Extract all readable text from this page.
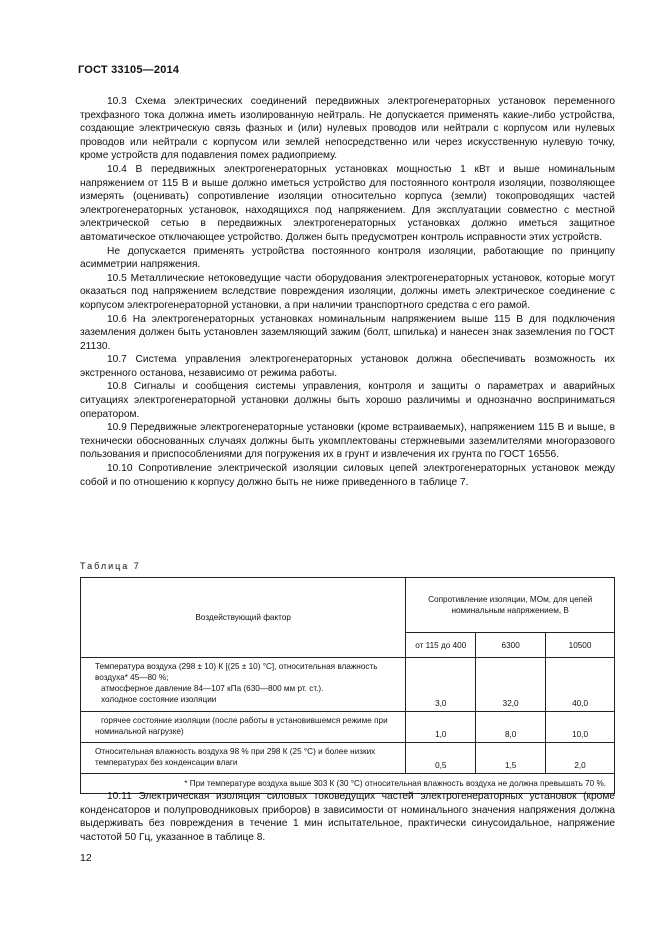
ГОСТ 33105—2014

10.3 Схема электрических соединений передвижных электрогенераторных установок переменного трехфазного тока должна иметь изолированную нейтраль. Не допускается применять какие-либо устройства, создающие электрическую связь фазных и (или) нулевых проводов или нейтрали с корпусом или нулевых проводов или нейтрали с корпусом или землей непосредственно или через искусственную нулевую точку, кроме устройств для подавления помех радиоприему.

10.4 В передвижных электрогенераторных установках мощностью 1 кВт и выше номинальным напряжением от 115 В и выше должно иметься устройство для постоянного контроля изоляции, позволяющее измерять (оценивать) сопротивление изоляции относительно корпуса (земли) токопроводящих частей электрогенераторных установок, находящихся под напряжением. Для эксплуатации совместно с местной электрической сетью в передвижных электрогенераторных установках должно иметься защитное автоматическое отключающее устройство. Должен быть предусмотрен контроль исправности этих устройств.

Не допускается применять устройства постоянного контроля изоляции, работающие по принципу асимметрии напряжения.

10.5 Металлические нетоковедущие части оборудования электрогенераторных установок, которые могут оказаться под напряжением вследствие повреждения изоляции, должны иметь электрическое соединение с корпусом электрогенераторной установки, а при наличии транспортного средства с его рамой.

10.6 На электрогенераторных установках номинальным напряжением выше 115 В для подключения заземления должен быть установлен заземляющий зажим (болт, шпилька) и нанесен знак заземления по ГОСТ 21130.

10.7 Система управления электрогенераторных установок должна обеспечивать возможность их экстренного останова, независимо от режима работы.

10.8 Сигналы и сообщения системы управления, контроля и защиты о параметрах и аварийных ситуациях электрогенераторной установки должны быть хорошо различимы и однозначно восприниматься оператором.

10.9 Передвижные электрогенераторные установки (кроме встраиваемых), напряжением 115 В и выше, в технически обоснованных случаях должны быть укомплектованы стержневыми заземлителями многоразового пользования и приспособлениями для погружения их в грунт и извлечения их грунта по ГОСТ 16556.

10.10 Сопротивление электрической изоляции силовых цепей электрогенераторных установок между собой и по отношению к корпусу должно быть не ниже приведенного в таблице 7.

Таблица 7
Воздействующий фактор	Сопротивление изоляции, МОм, для цепей номинальным напряжением, В		
	от 115 до 400	6300	10500

Температура воздуха (298 ± 10) К [(25 ± 10) °С], относительная влажность воздуха* 45—80 %;
атмосферное давление 84—107 кПа (630—800 мм рт. ст.).
холодное состояние изоляции	3,0	32,0	40,0

горячее состояние изоляции (после работы в установившемся режиме при номинальной нагрузке)	1,0	8,0	10,0

Относительная влажность воздуха 98 % при 298 К (25 °С) и более низких температурах без конденсации влаги	0,5	1,5	2,0
* При температуре воздуха выше 303 К (30 °С) относительная влажность воздуха не должна превышать 70 %.			

10.11 Электрическая изоляция силовых токоведущих частей электрогенераторных установок (кроме конденсаторов и полупроводниковых приборов) в зависимости от номинального значения напряжения должна выдерживать без повреждения в течение 1 мин испытательное, практически синусоидальное, напряжение частотой 50 Гц, указанное в таблице 8.

12
